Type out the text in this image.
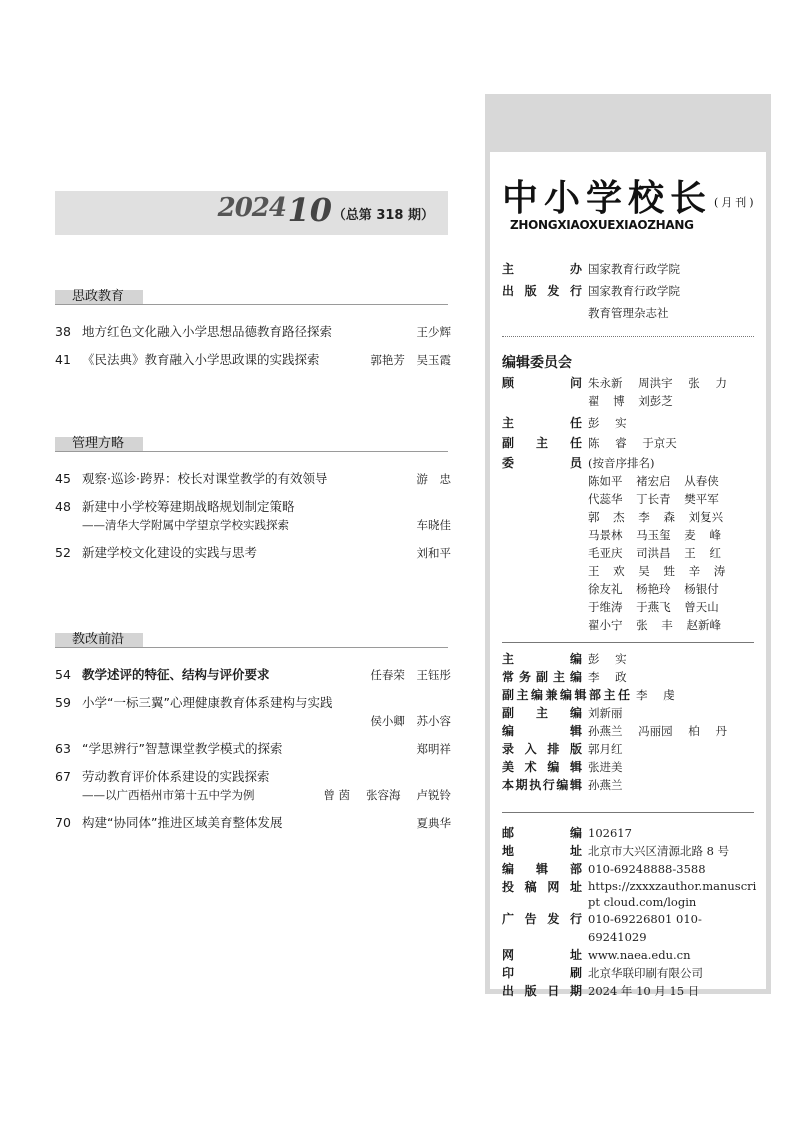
2024 10 （总第 318 期）
思政教育
38 地方红色文化融入小学思想品德教育路径探索	王少辉
41 《民法典》教育融入小学思政课的实践探索	郭艳芳 吴玉霞
管理方略
45 观察·巡诊·跨界：校长对课堂教学的有效领导	游 忠
48 新建中小学校筹建期战略规划制定策略
——清华大学附属中学望京学校实践探索	车晓佳
52 新建学校文化建设的实践与思考	刘和平
教改前沿
54 教学述评的特征、结构与评价要求	任春荣 王钰彤
59 小学“一标三翼”心理健康教育体系建构与实践
侯小卿 苏小容
63 “学思辨行”智慧课堂教学模式的探索	郑明祥
67 劳动教育评价体系建设的实践探索
——以广西梧州市第十五中学为例	曾 茵 张容海 卢锐铃
70 构建“协同体”推进区域美育整体发展	夏典华
中小学校长 (月刊)
ZHONGXIAOXUEXIAOZHANG
主　　办 国家教育行政学院
出版发行 国家教育行政学院
教育管理杂志社
编辑委员会
顾　　问 朱永新 周洪宇 张 力
翟 博 刘彭芝
主　　任 彭 实
副 主 任 陈 睿 于京天
委　　员 (按音序排名)
陈如平 褚宏启 从春侠
代蕊华 丁长青 樊平军
郭 杰 李 森 刘复兴
马景林 马玉玺 麦 峰
毛亚庆 司洪昌 王 红
王 欢 吴 甡 辛 涛
徐友礼 杨艳玲 杨银付
于维涛 于燕飞 曾天山
翟小宁 张 丰 赵新峰
主　　编 彭 实
常务副主编 李 政
副主编兼编辑部主任 李 虔
副 主 编 刘新丽
编　　辑 孙燕兰 冯丽园 柏 丹
录入排版 郭月红
美术编辑 张进美
本期执行编辑 孙燕兰
邮　　编 102617
地　　址 北京市大兴区清源北路 8 号
编 辑 部 010-69248888-3588
投稿网址 https://zxxxzauthor.manuscript cloud.com/login
广告发行 010-69226801 010-69241029
网　　址 www.naea.edu.cn
印　　刷 北京华联印刷有限公司
出版日期 2024 年 10 月 15 日
